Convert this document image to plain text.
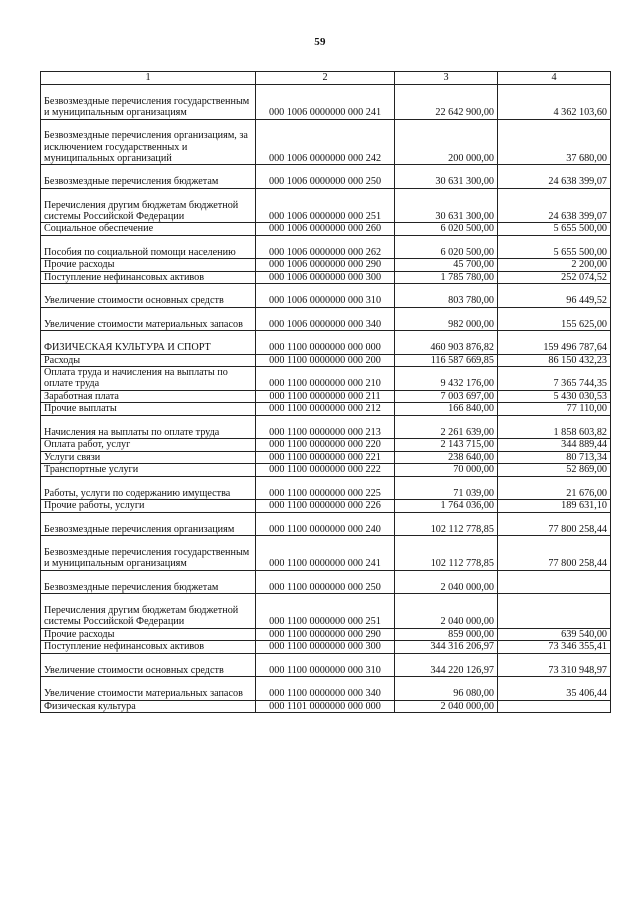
59
1	2	3	4
Безвозмездные перечисления государственным и муниципальным организациям	000 1006 0000000 000 241	22 642 900,00	4 362 103,60
Безвозмездные перечисления организациям, за исключением государственных и муниципальных организаций	000 1006 0000000 000 242	200 000,00	37 680,00
Безвозмездные перечисления бюджетам	000 1006 0000000 000 250	30 631 300,00	24 638 399,07
Перечисления другим бюджетам бюджетной системы Российской Федерации	000 1006 0000000 000 251	30 631 300,00	24 638 399,07
Социальное обеспечение	000 1006 0000000 000 260	6 020 500,00	5 655 500,00
Пособия по социальной помощи населению	000 1006 0000000 000 262	6 020 500,00	5 655 500,00
Прочие расходы	000 1006 0000000 000 290	45 700,00	2 200,00
Поступление нефинансовых активов	000 1006 0000000 000 300	1 785 780,00	252 074,52
Увеличение стоимости основных средств	000 1006 0000000 000 310	803 780,00	96 449,52
Увеличение стоимости материальных запасов	000 1006 0000000 000 340	982 000,00	155 625,00
ФИЗИЧЕСКАЯ КУЛЬТУРА И СПОРТ	000 1100 0000000 000 000	460 903 876,82	159 496 787,64
Расходы	000 1100 0000000 000 200	116 587 669,85	86 150 432,23
Оплата труда и начисления на выплаты по оплате труда	000 1100 0000000 000 210	9 432 176,00	7 365 744,35
Заработная плата	000 1100 0000000 000 211	7 003 697,00	5 430 030,53
Прочие выплаты	000 1100 0000000 000 212	166 840,00	77 110,00
Начисления на выплаты по оплате труда	000 1100 0000000 000 213	2 261 639,00	1 858 603,82
Оплата работ, услуг	000 1100 0000000 000 220	2 143 715,00	344 889,44
Услуги связи	000 1100 0000000 000 221	238 640,00	80 713,34
Транспортные услуги	000 1100 0000000 000 222	70 000,00	52 869,00
Работы, услуги по содержанию имущества	000 1100 0000000 000 225	71 039,00	21 676,00
Прочие работы, услуги	000 1100 0000000 000 226	1 764 036,00	189 631,10
Безвозмездные перечисления организациям	000 1100 0000000 000 240	102 112 778,85	77 800 258,44
Безвозмездные перечисления государственным и муниципальным организациям	000 1100 0000000 000 241	102 112 778,85	77 800 258,44
Безвозмездные перечисления бюджетам	000 1100 0000000 000 250	2 040 000,00	
Перечисления другим бюджетам бюджетной системы Российской Федерации	000 1100 0000000 000 251	2 040 000,00	
Прочие расходы	000 1100 0000000 000 290	859 000,00	639 540,00
Поступление нефинансовых активов	000 1100 0000000 000 300	344 316 206,97	73 346 355,41
Увеличение стоимости основных средств	000 1100 0000000 000 310	344 220 126,97	73 310 948,97
Увеличение стоимости материальных запасов	000 1100 0000000 000 340	96 080,00	35 406,44
Физическая культура	000 1101 0000000 000 000	2 040 000,00	
